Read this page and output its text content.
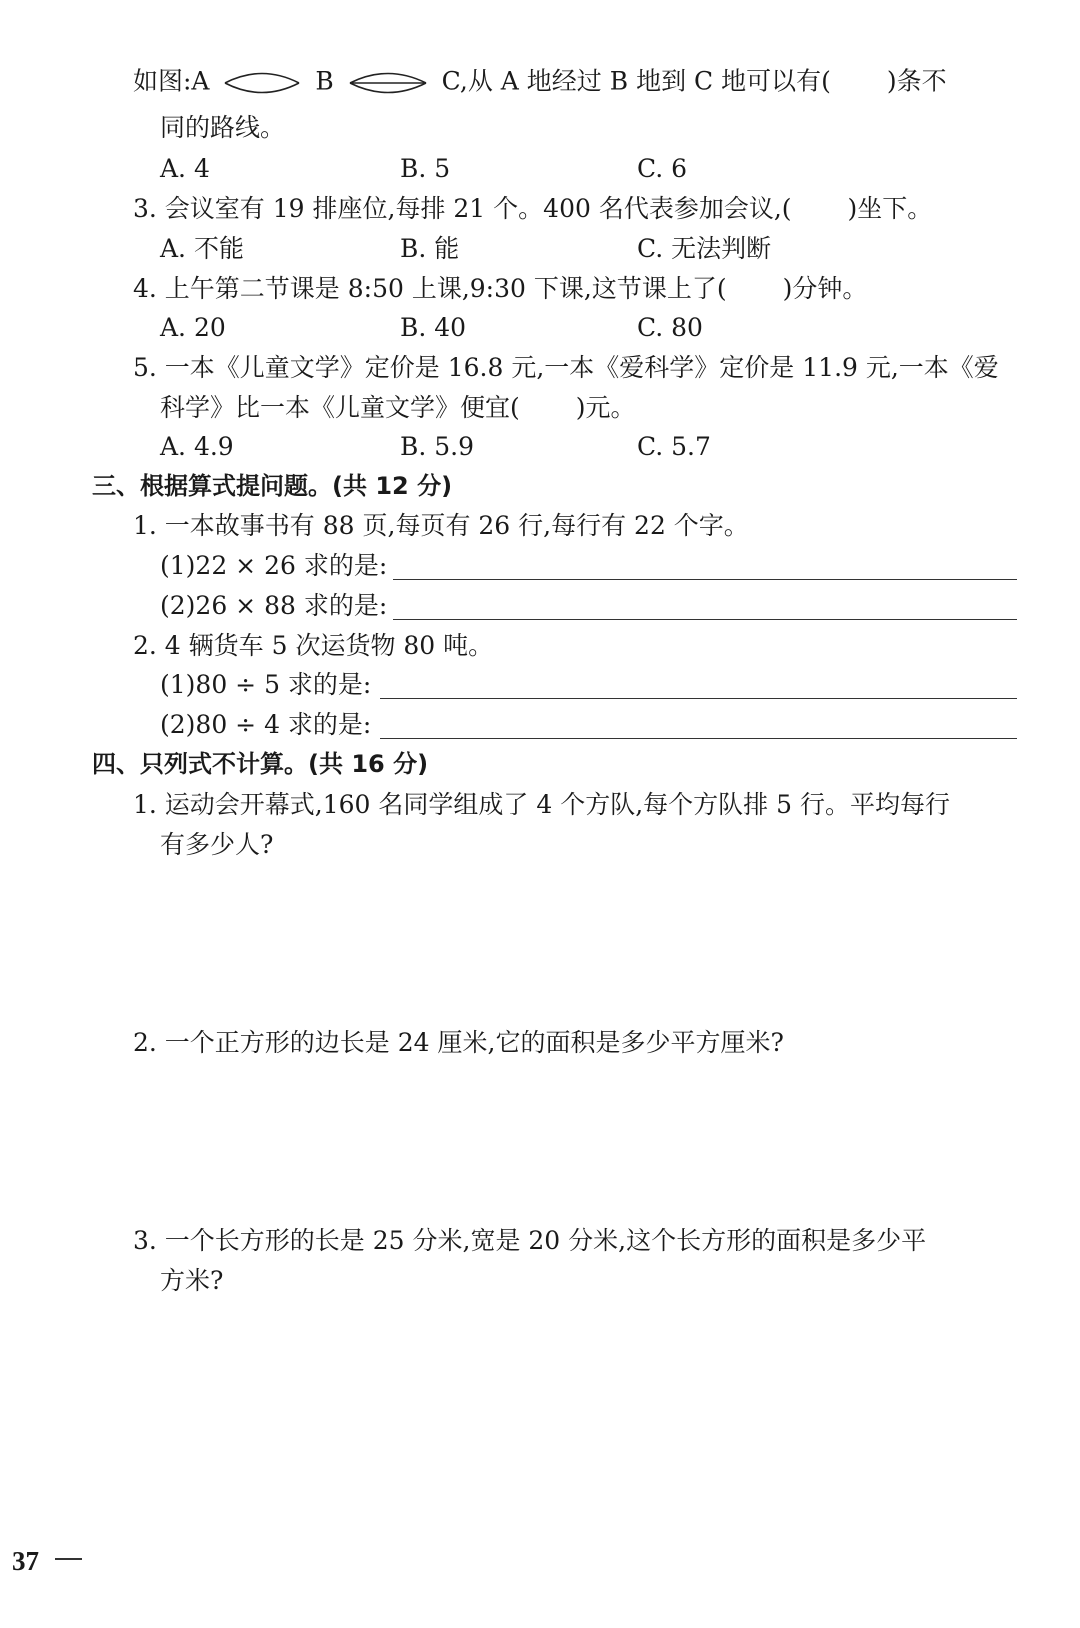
如图:A	B	C,从 A 地经过 B 地到 C 地可以有( )条不
同的路线。
A. 4	B. 5	C. 6
3. 会议室有 19 排座位,每排 21 个。400 名代表参加会议,( )坐下。
A. 不能	B. 能	C. 无法判断
4. 上午第二节课是 8:50 上课,9:30 下课,这节课上了( )分钟。
A. 20	B. 40	C. 80
5. 一本《儿童文学》定价是 16.8 元,一本《爱科学》定价是 11.9 元,一本《爱
科学》比一本《儿童文学》便宜( )元。
A. 4.9	B. 5.9	C. 5.7
三、根据算式提问题。(共 12 分)
1. 一本故事书有 88 页,每页有 26 行,每行有 22 个字。
(1)22 × 26 求的是:
(2)26 × 88 求的是:
2. 4 辆货车 5 次运货物 80 吨。
(1)80 ÷ 5 求的是:
(2)80 ÷ 4 求的是:
四、只列式不计算。(共 16 分)
1. 运动会开幕式,160 名同学组成了 4 个方队,每个方队排 5 行。平均每行
有多少人?
2. 一个正方形的边长是 24 厘米,它的面积是多少平方厘米?
3. 一个长方形的长是 25 分米,宽是 20 分米,这个长方形的面积是多少平
方米?
37
